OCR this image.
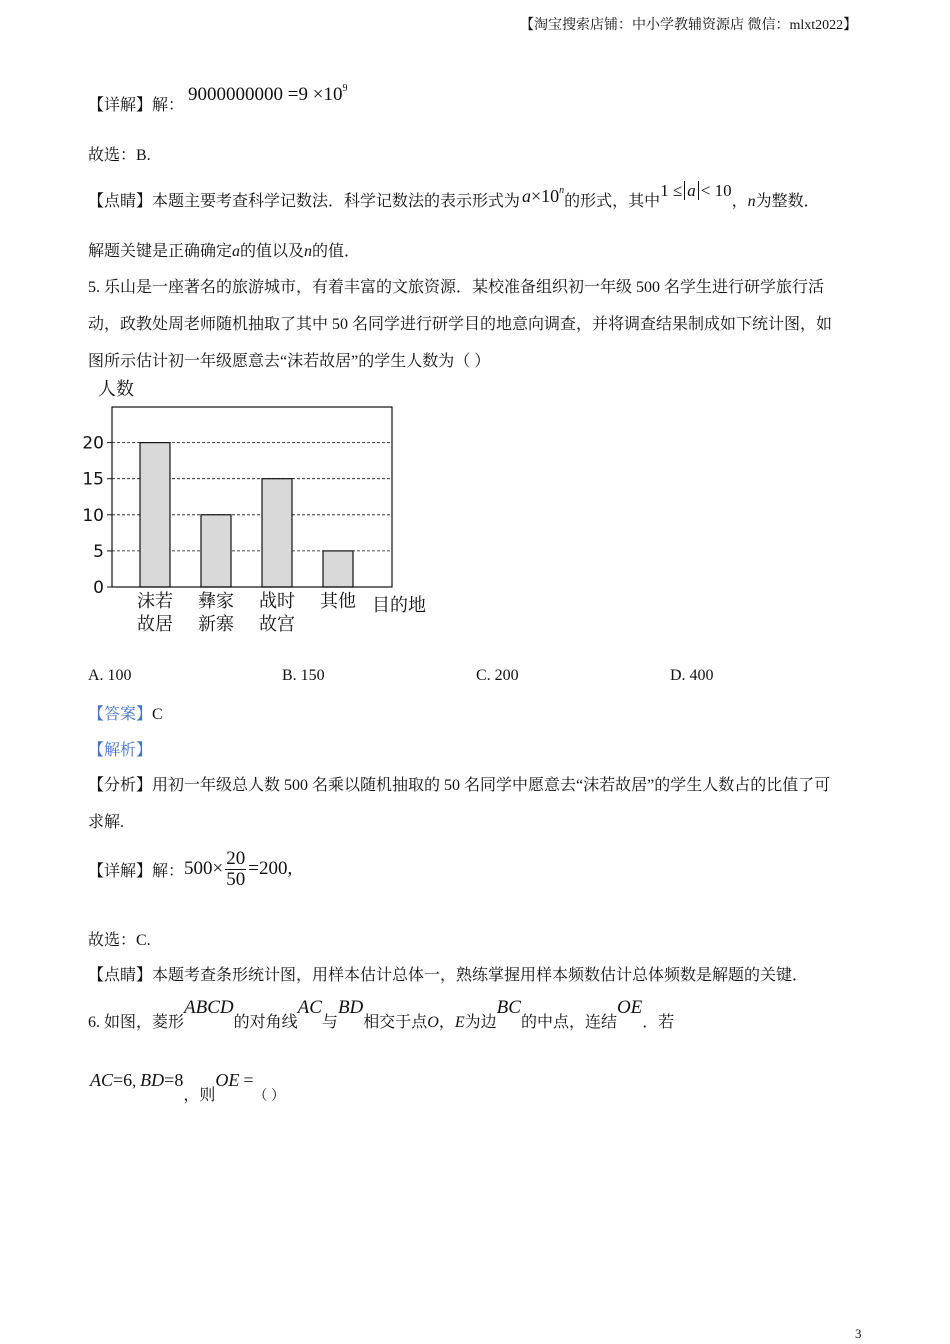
【淘宝搜索店铺：中小学教辅资源店 微信：mlxt2022】
【详解】解： $9000000000 =9 \times 10^9$
故选：B.
【点睛】本题主要考查科学记数法．科学记数法的表示形式为 $a\times 10^n$的形式，其中1 ≤ a < 10，n为整数．
解题关键是正确确定a的值以及n的值．
5. 乐山是一座著名的旅游城市，有着丰富的文旅资源．某校准备组织初一年级 500 名学生进行研学旅行活
动，政教处周老师随机抽取了其中 50 名同学进行研学目的地意向调查，并将调查结果制成如下统计图，如
图所示估计初一年级愿意去“沫若故居”的学生人数为（ ）
人数
0
5
10
15
20
沫若
故居
彝家
新寨
战时
故宫
其他 目的地
A. 100	B. 150	C. 200	D. 400
【答案】C
【解析】
【分析】用初一年级总人数 500 名乘以随机抽取的 50 名同学中愿意去“沫若故居”的学生人数占的比值了可
求解.
【详解】解：$500\times \frac{20}{50} =200$,
故选：C.
【点睛】本题考查条形统计图，用样本估计总体一，熟练掌握用样本频数估计总体频数是解题的关键．
6. 如图，菱形ABCD的对角线AC与BD相交于点O，E为边BC的中点，连结OE．若
AC=6, BD=8，则OE =（ ）
3
